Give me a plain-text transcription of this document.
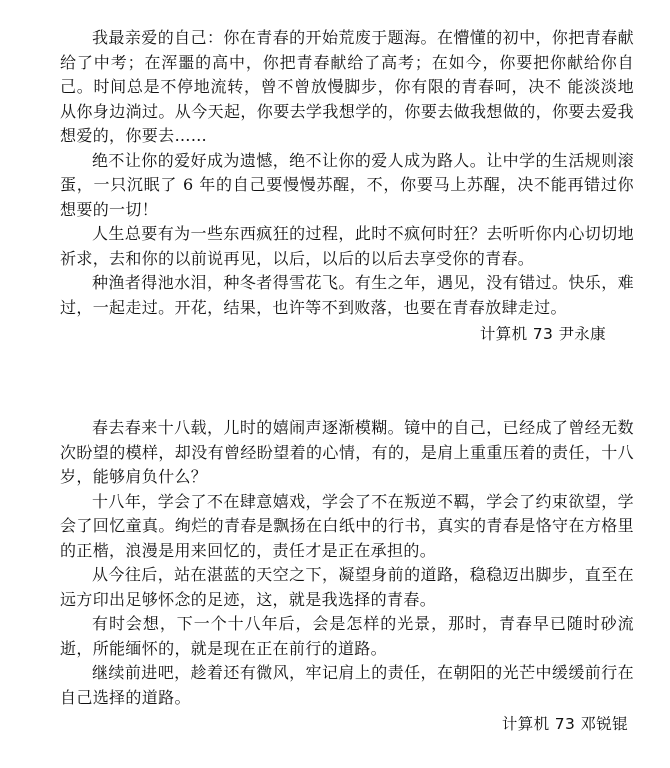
我最亲爱的自己：你在青春的开始荒废于题海。在懵懂的初中，你把青春献给了中考；在浑噩的高中，你把青春献给了高考；在如今，你要把你献给你自己。时间总是不停地流转，曾不曾放慢脚步，你有限的青春呵，决不 能淡淡地从你身边淌过。从今天起，你要去学我想学的，你要去做我想做的，你要去爱我想爱的，你要去……

绝不让你的爱好成为遗憾，绝不让你的爱人成为路人。让中学的生活规则滚蛋，一只沉眠了 6 年的自己要慢慢苏醒，不，你要马上苏醒，决不能再错过你想要的一切！

人生总要有为一些东西疯狂的过程，此时不疯何时狂？去听听你内心切切地祈求，去和你的以前说再见，以后，以后的以后去享受你的青春。

种渔者得池水泪，种冬者得雪花飞。有生之年，遇见，没有错过。快乐，难过，一起走过。开花，结果，也许等不到败落，也要在青春放肆走过。

计算机 73 尹永康

春去春来十八载，儿时的嬉闹声逐渐模糊。镜中的自己，已经成了曾经无数次盼望的模样，却没有曾经盼望着的心情，有的，是肩上重重压着的责任，十八岁，能够肩负什么？

十八年，学会了不在肆意嬉戏，学会了不在叛逆不羁，学会了约束欲望，学会了回忆童真。绚烂的青春是飘扬在白纸中的行书，真实的青春是恪守在方格里的正楷，浪漫是用来回忆的，责任才是正在承担的。

从今往后，站在湛蓝的天空之下，凝望身前的道路，稳稳迈出脚步，直至在远方印出足够怀念的足迹，这，就是我选择的青春。

有时会想，下一个十八年后，会是怎样的光景，那时，青春早已随时砂流逝，所能缅怀的，就是现在正在前行的道路。

继续前进吧，趁着还有微风，牢记肩上的责任，在朝阳的光芒中缓缓前行在自己选择的道路。

计算机 73 邓锐锟
